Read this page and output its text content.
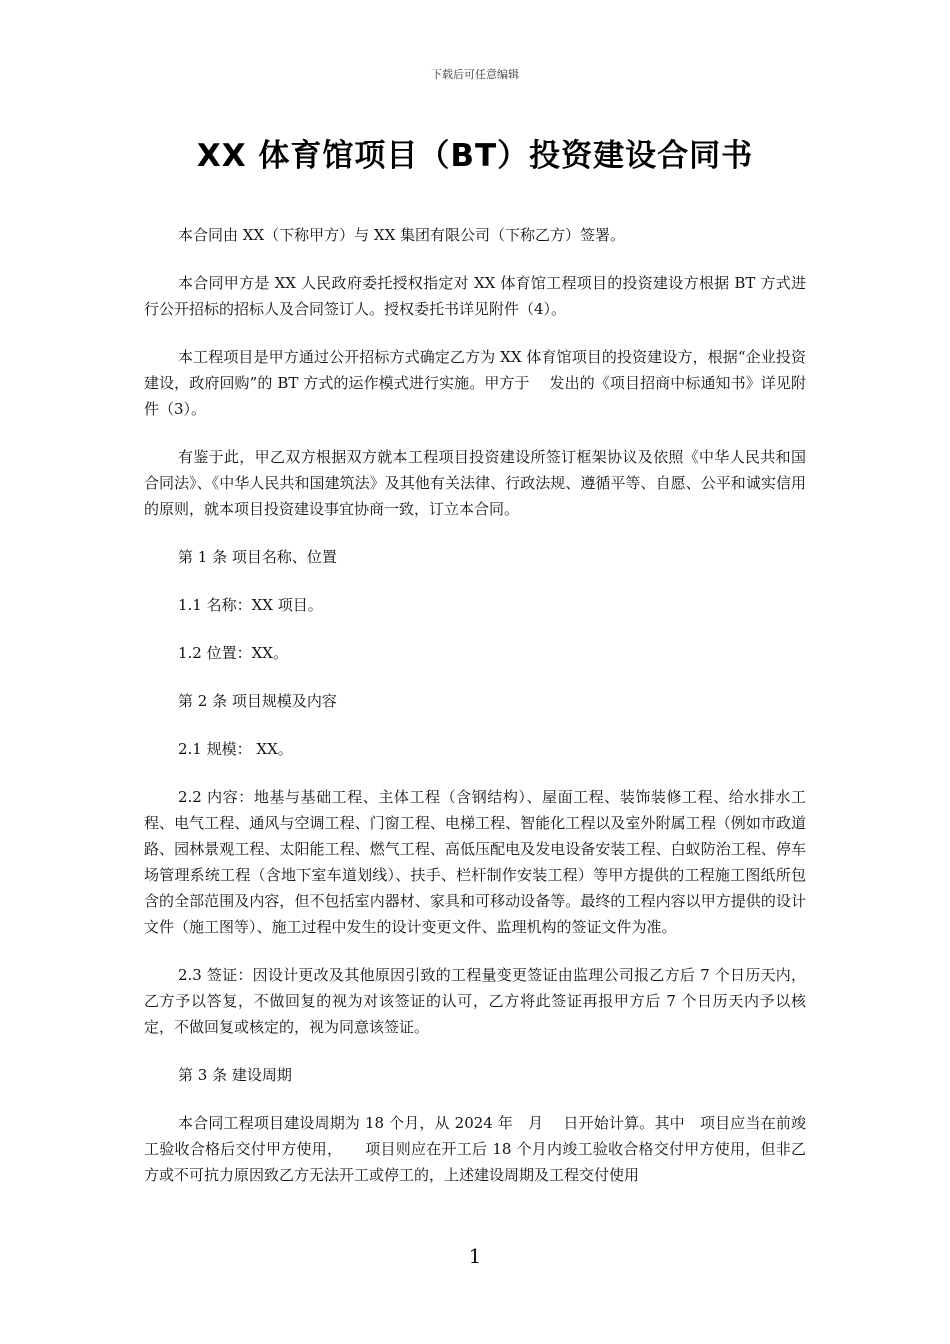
下载后可任意编辑
XX 体育馆项目（BT）投资建设合同书

本合同由 XX（下称甲方）与 XX 集团有限公司（下称乙方）签署。

本合同甲方是 XX 人民政府委托授权指定对 XX 体育馆工程项目的投资建设方根据 BT 方式进行公开招标的招标人及合同签订人。授权委托书详见附件（4）。

本工程项目是甲方通过公开招标方式确定乙方为 XX 体育馆项目的投资建设方，根据“企业投资建设，政府回购”的 BT 方式的运作模式进行实施。甲方于　 发出的《项目招商中标通知书》详见附件（3）。

有鉴于此，甲乙双方根据双方就本工程项目投资建设所签订框架协议及依照《中华人民共和国合同法》、《中华人民共和国建筑法》及其他有关法律、行政法规、遵循平等、自愿、公平和诚实信用的原则，就本项目投资建设事宜协商一致，订立本合同。

第 1 条 项目名称、位置

1.1 名称：XX 项目。

1.2 位置：XX。

第 2 条 项目规模及内容

2.1 规模： XX。

2.2 内容：地基与基础工程、主体工程（含钢结构）、屋面工程、装饰装修工程、给水排水工程、电气工程、通风与空调工程、门窗工程、电梯工程、智能化工程以及室外附属工程（例如市政道路、园林景观工程、太阳能工程、燃气工程、高低压配电及发电设备安装工程、白蚁防治工程、停车场管理系统工程（含地下室车道划线）、扶手、栏杆制作安装工程）等甲方提供的工程施工图纸所包含的全部范围及内容，但不包括室内器材、家具和可移动设备等。最终的工程内容以甲方提供的设计文件（施工图等）、施工过程中发生的设计变更文件、监理机构的签证文件为准。

2.3 签证：因设计更改及其他原因引致的工程量变更签证由监理公司报乙方后 7 个日历天内，乙方予以答复，不做回复的视为对该签证的认可，乙方将此签证再报甲方后 7 个日历天内予以核定，不做回复或核定的，视为同意该签证。

第 3 条 建设周期

本合同工程项目建设周期为 18 个月，从 2024 年　月　 日开始计算。其中　项目应当在前竣工验收合格后交付甲方使用，　　项目则应在开工后 18 个月内竣工验收合格交付甲方使用，但非乙方或不可抗力原因致乙方无法开工或停工的，上述建设周期及工程交付使用

1
